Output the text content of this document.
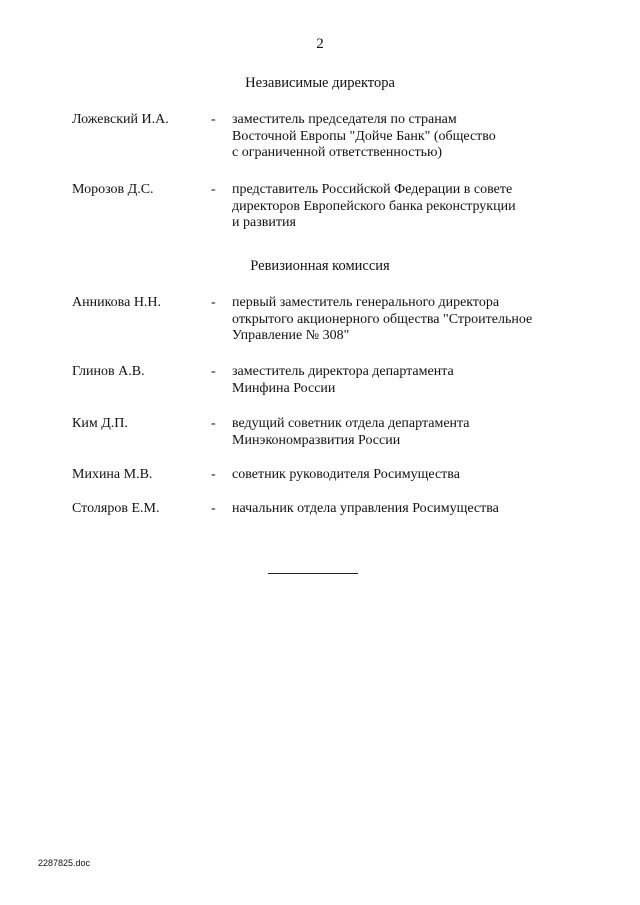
2
Независимые директора
Ложевский И.А.	- заместитель председателя по странам
Восточной Европы "Дойче Банк" (общество
с ограниченной ответственностью)
Морозов Д.С.	- представитель Российской Федерации в совете
директоров Европейского банка реконструкции
и развития
Ревизионная комиссия
Анникова Н.Н.	- первый заместитель генерального директора
открытого акционерного общества "Строительное
Управление № 308"
Глинов А.В.	- заместитель директора департамента
Минфина России
Ким Д.П.	- ведущий советник отдела департамента
Минэкономразвития России
Михина М.В.	- советник руководителя Росимущества
Столяров Е.М.	- начальник отдела управления Росимущества
2287825.doc
